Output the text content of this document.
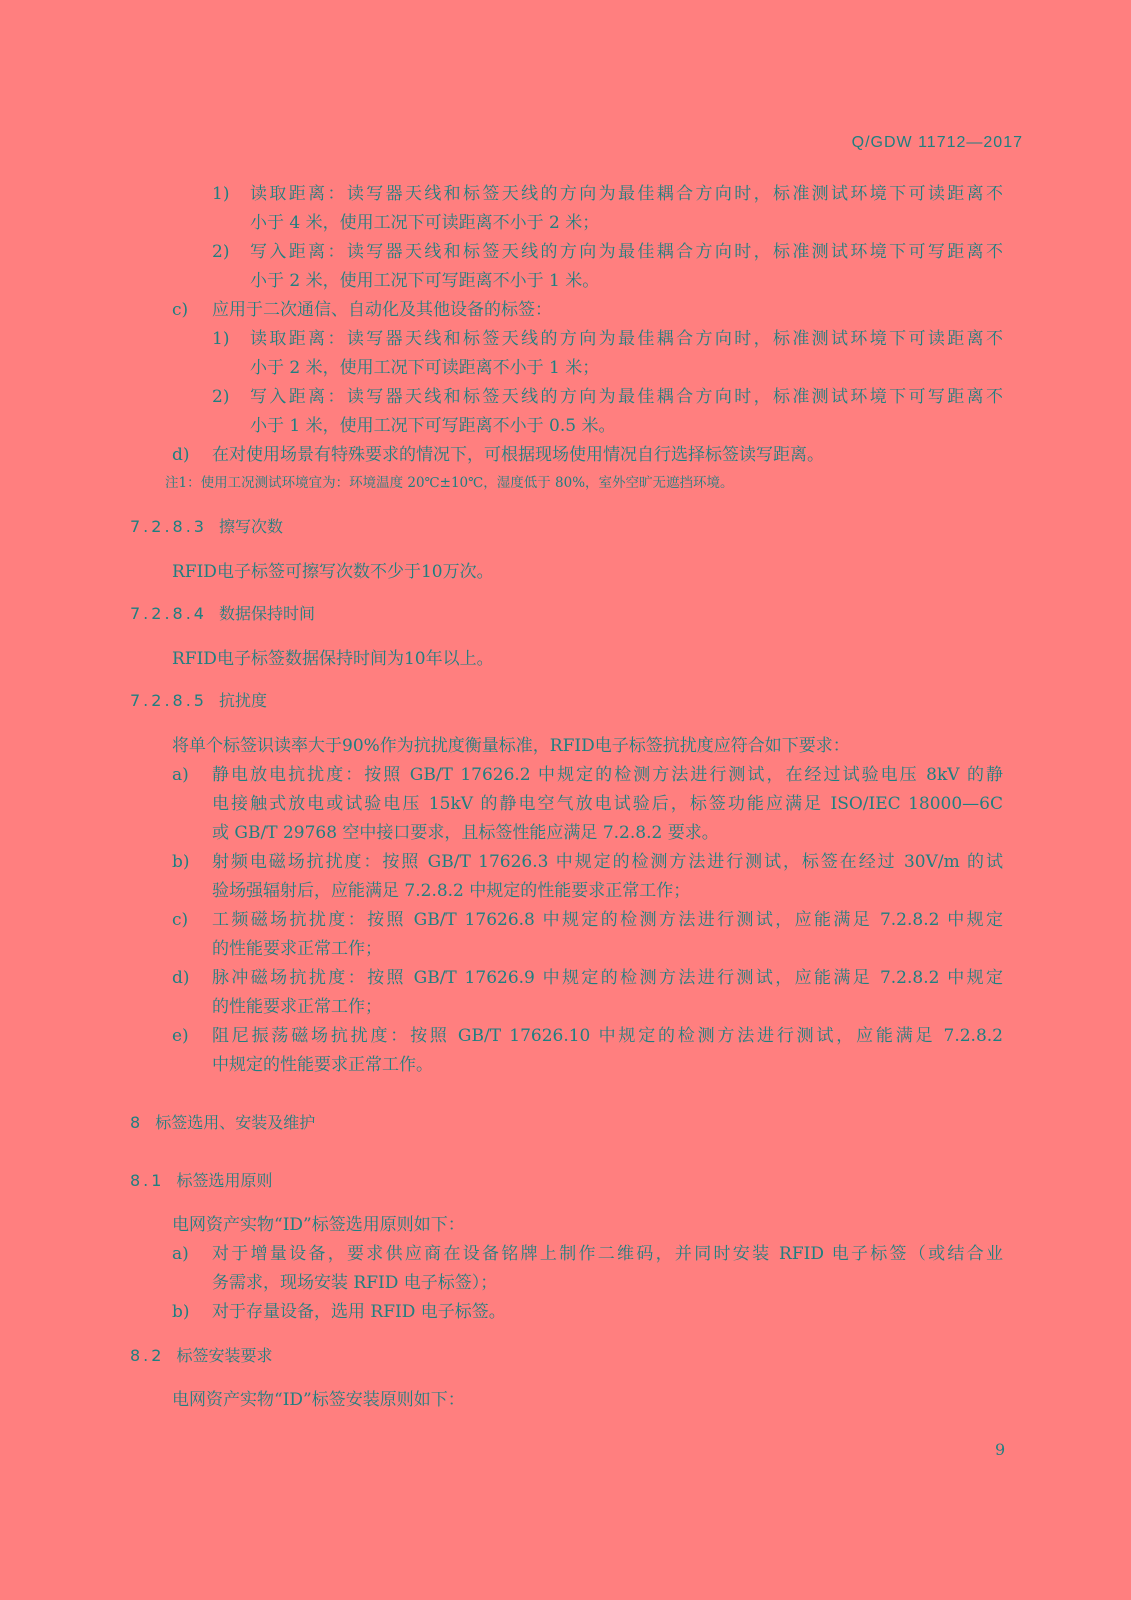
Q/GDW 11712—2017
1) 读取距离：读写器天线和标签天线的方向为最佳耦合方向时，标准测试环境下可读距离不
小于 4 米，使用工况下可读距离不小于 2 米；
2) 写入距离：读写器天线和标签天线的方向为最佳耦合方向时，标准测试环境下可写距离不
小于 2 米，使用工况下可写距离不小于 1 米。
c) 应用于二次通信、自动化及其他设备的标签：
1) 读取距离：读写器天线和标签天线的方向为最佳耦合方向时，标准测试环境下可读距离不
小于 2 米，使用工况下可读距离不小于 1 米；
2) 写入距离：读写器天线和标签天线的方向为最佳耦合方向时，标准测试环境下可写距离不
小于 1 米，使用工况下可写距离不小于 0.5 米。
d) 在对使用场景有特殊要求的情况下，可根据现场使用情况自行选择标签读写距离。
注1：使用工况测试环境宜为：环境温度 20℃±10℃，湿度低于 80%，室外空旷无遮挡环境。
7.2.8.3 擦写次数
RFID电子标签可擦写次数不少于10万次。
7.2.8.4 数据保持时间
RFID电子标签数据保持时间为10年以上。
7.2.8.5 抗扰度
将单个标签识读率大于90%作为抗扰度衡量标准，RFID电子标签抗扰度应符合如下要求：
a) 静电放电抗扰度：按照 GB/T 17626.2 中规定的检测方法进行测试，在经过试验电压 8kV 的静
电接触式放电或试验电压 15kV 的静电空气放电试验后，标签功能应满足 ISO/IEC 18000—6C
或 GB/T 29768 空中接口要求，且标签性能应满足 7.2.8.2 要求。
b) 射频电磁场抗扰度：按照 GB/T 17626.3 中规定的检测方法进行测试，标签在经过 30V/m 的试
验场强辐射后，应能满足 7.2.8.2 中规定的性能要求正常工作；
c) 工频磁场抗扰度：按照 GB/T 17626.8 中规定的检测方法进行测试，应能满足 7.2.8.2 中规定
的性能要求正常工作；
d) 脉冲磁场抗扰度：按照 GB/T 17626.9 中规定的检测方法进行测试，应能满足 7.2.8.2 中规定
的性能要求正常工作；
e) 阻尼振荡磁场抗扰度：按照 GB/T 17626.10 中规定的检测方法进行测试，应能满足 7.2.8.2
中规定的性能要求正常工作。
8 标签选用、安装及维护
8.1 标签选用原则
电网资产实物“ID”标签选用原则如下：
a) 对于增量设备，要求供应商在设备铭牌上制作二维码，并同时安装 RFID 电子标签（或结合业
务需求，现场安装 RFID 电子标签）；
b) 对于存量设备，选用 RFID 电子标签。
8.2 标签安装要求
电网资产实物“ID”标签安装原则如下：
9
